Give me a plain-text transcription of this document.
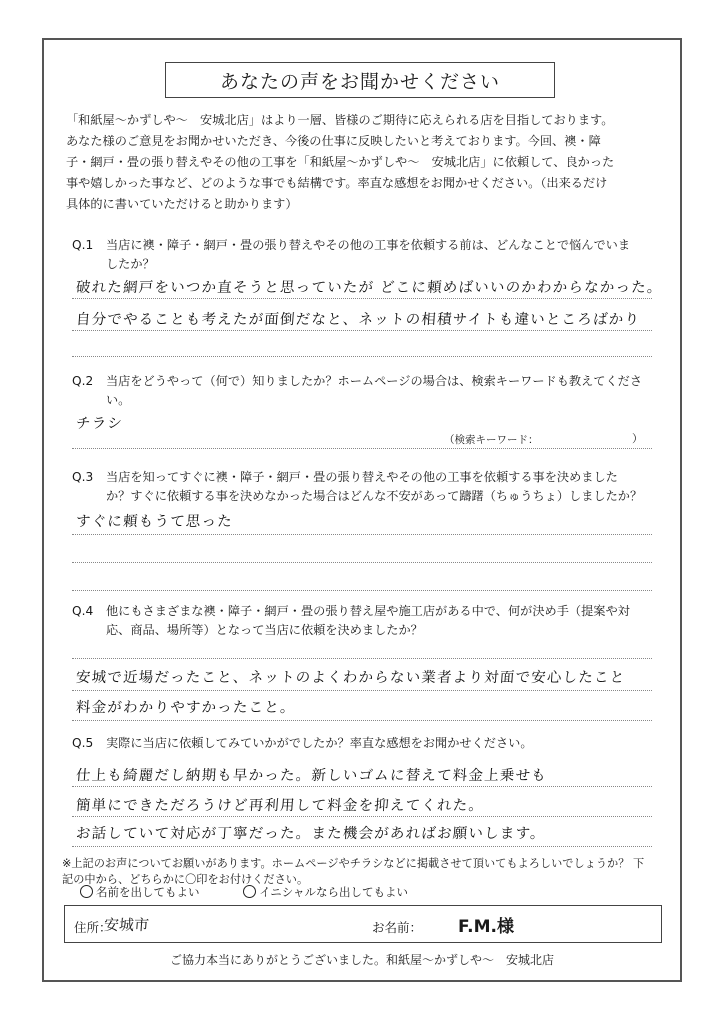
あなたの声をお聞かせください
「和紙屋〜かずしや〜　安城北店」はより一層、皆様のご期待に応えられる店を目指しております。
あなた様のご意見をお聞かせいただき、今後の仕事に反映したいと考えております。今回、襖・障
子・網戸・畳の張り替えやその他の工事を「和紙屋〜かずしや〜　安城北店」に依頼して、良かった
事や嬉しかった事など、どのような事でも結構です。率直な感想をお聞かせください。（出来るだけ
具体的に書いていただけると助かります）
Q.1 当店に襖・障子・網戸・畳の張り替えやその他の工事を依頼する前は、どんなことで悩んでいま
したか？
破れた網戸をいつか直そうと思っていたが どこに頼めばいいのかわからなかった。
自分でやることも考えたが面倒だなと、ネットの相積サイトも違いところばかり
Q.2 当店をどうやって（何で）知りましたか？ホームページの場合は、検索キーワードも教えてくださ
い。
チラシ
（検索キーワード：	）
Q.3 当店を知ってすぐに襖・障子・網戸・畳の張り替えやその他の工事を依頼する事を決めました
か？すぐに依頼する事を決めなかった場合はどんな不安があって躊躇（ちゅうちょ）しましたか？
すぐに頼もうて思った
Q.4 他にもさまざまな襖・障子・網戸・畳の張り替え屋や施工店がある中で、何が決め手（提案や対
応、商品、場所等）となって当店に依頼を決めましたか？
安城で近場だったこと、ネットのよくわからない業者より対面で安心したこと
料金がわかりやすかったこと。
Q.5 実際に当店に依頼してみていかがでしたか？率直な感想をお聞かせください。
仕上も綺麗だし納期も早かった。新しいゴムに替えて料金上乗せも
簡単にできただろうけど再利用して料金を抑えてくれた。
お話していて対応が丁寧だった。また機会があればお願いします。
※上記のお声についてお願いがあります。ホームページやチラシなどに掲載させて頂いてもよろしいでしょうか？ 下
記の中から、どちらかに〇印をお付けください。
名前を出してもよい	イニシャルなら出してもよい
住所：
安城市	お名前： F.M.様
ご協力本当にありがとうございました。和紙屋〜かずしや〜　安城北店
